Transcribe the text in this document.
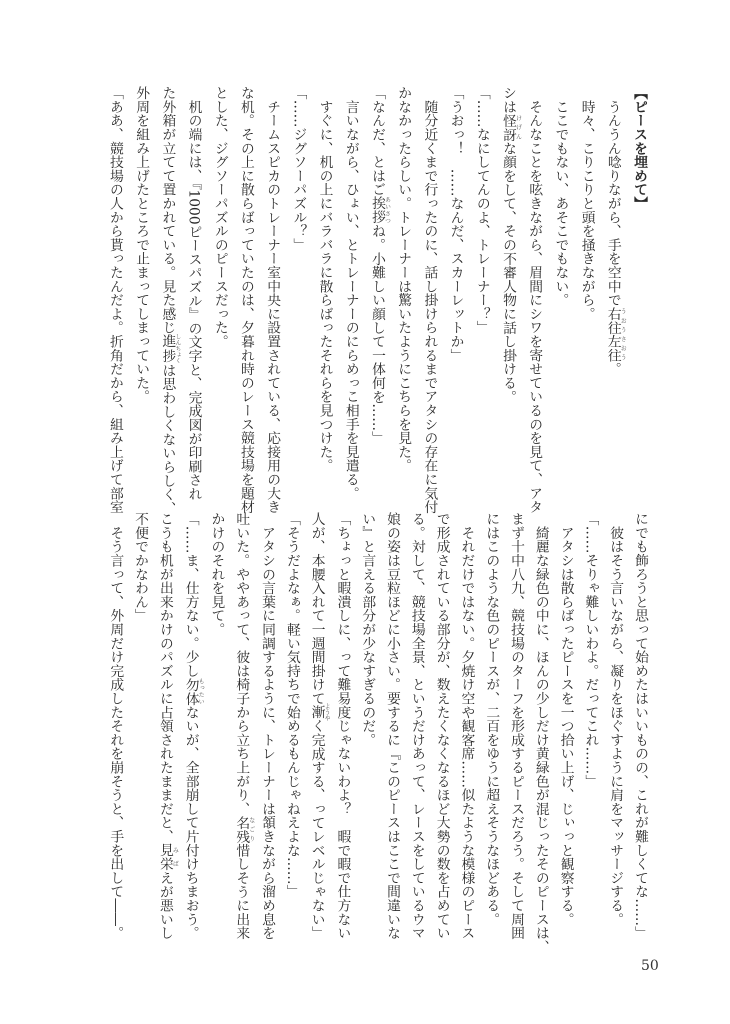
【ピースを埋めて】
　うんうん唸りながら、手を空中で右往左往うおうさおう。
　時々、こりこりと頭を掻きながら。
　ここでもない、あそこでもない。
　そんなことを呟きながら、眉間にシワを寄せているのを見て、アタ
シは怪訝けげんな顔をして、その不審人物に話し掛ける。
「……なにしてんのよ、トレーナー？」
「うおっ！　……なんだ、スカーレットか」
　随分近くまで行ったのに、話し掛けられるまでアタシの存在に気付
かなかったらしい。トレーナーは驚いたようにこちらを見た。
「なんだ、とはご挨拶あいさつね。小難しい顔して一体何を……」
　言いながら、ひょい、とトレーナーのにらめっこ相手を見遣る。
　すぐに、机の上にバラバラに散らばったそれらを見つけた。
「……ジグソーパズル？」
　チームスピカのトレーナー室中央に設置されている、応接用の大き
な机。その上に散らばっていたのは、夕暮れ時のレース競技場を題材
とした、ジグソーパズルのピースだった。
　机の端には、『1000ピースパズル』の文字と、完成図が印刷され
た外箱が立てて置かれている。見た感じ進捗しんちょくは思わしくないらしく、
外周を組み上げたところで止まってしまっていた。
「ああ、競技場の人から貰ったんだよ。折角だから、組み上げて部室
にでも飾ろうと思って始めたはいいものの、これが難しくてな……」
　彼はそう言いながら、凝りをほぐすように肩をマッサージする。
「……そりゃ難しいわよ。だってこれ……」
　アタシは散らばったピースを一つ拾い上げ、じぃっと観察する。
　綺麗な緑色の中に、ほんの少しだけ黄緑色が混じったそのピースは、
まず十中八九、競技場のターフを形成するピースだろう。そして周囲
にはこのような色のピースが、二百をゆうに超えそうなほどある。
　それだけではない。夕焼け空や観客席……似たような模様のピース
で形成されている部分が、数えたくなくなるほど大勢の数を占めてい
る。対して、競技場全景、というだけあって、レースをしているウマ
娘の姿は豆粒ほどに小さい。要するに『このピースはここで間違いな
い』と言える部分が少なすぎるのだ。
「ちょっと暇潰しに、って難易度じゃないわよ？　暇で暇で仕方ない
人が、本腰入れて一週間掛けて漸ようやく完成する、ってレベルじゃない」
「そうだよなぁ。軽い気持ちで始めるもんじゃねえよな……」
　アタシの言葉に同調するように、トレーナーは頷きながら溜め息を
吐いた。ややあって、彼は椅子から立ち上がり、名残なごり惜しそうに出来
かけのそれを見て。
「……ま、仕方ない。少し勿体もったいないが、全部崩して片付けちまおう。
こうも机が出来かけのパズルに占領されたままだと、見栄みばえが悪いし
不便でかなわん」
　そう言って、外周だけ完成したそれを崩そうと、手を出して――。
50
